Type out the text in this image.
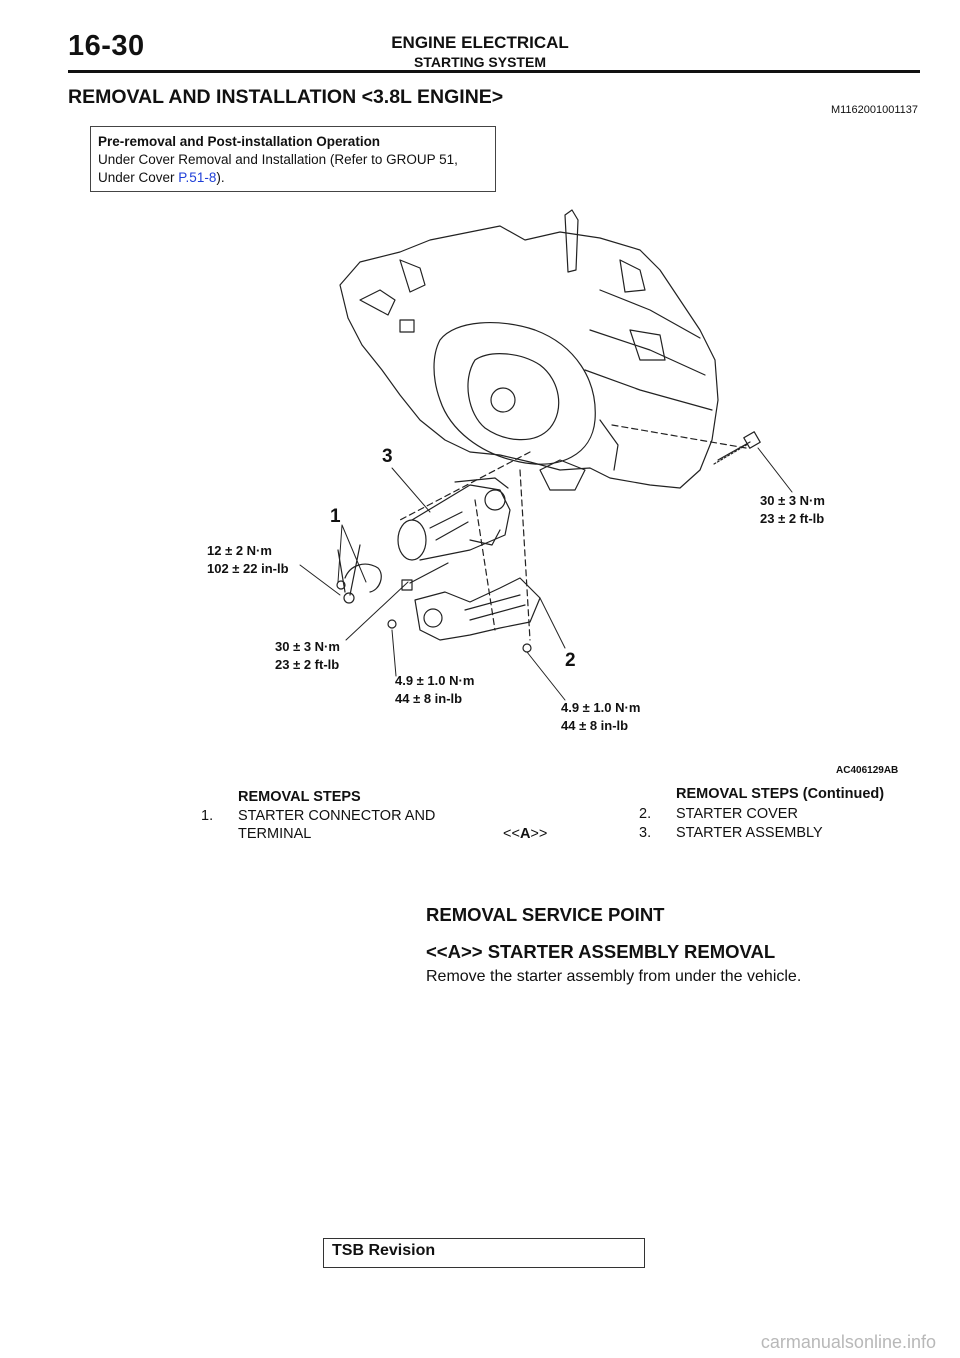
16-30	ENGINE ELECTRICAL
STARTING SYSTEM
REMOVAL AND INSTALLATION <3.8L ENGINE>
M1162001001137
Pre-removal and Post-installation Operation
Under Cover Removal and Installation (Refer to GROUP 51,
Under Cover P.51-8).
1
2
3
30 ± 3 N·m
23 ± 2 ft-lb
12 ± 2 N·m
102 ± 22 in-lb
30 ± 3 N·m
23 ± 2 ft-lb
4.9 ± 1.0 N·m
44 ± 8 in-lb
4.9 ± 1.0 N·m
44 ± 8 in-lb
AC406129AB
REMOVAL STEPS
1. STARTER CONNECTOR AND
TERMINAL	<<A>>
REMOVAL STEPS (Continued)
2. STARTER COVER
3. STARTER ASSEMBLY
REMOVAL SERVICE POINT
<<A>> STARTER ASSEMBLY REMOVAL
Remove the starter assembly from under the vehicle.
TSB Revision
carmanualsonline.info
